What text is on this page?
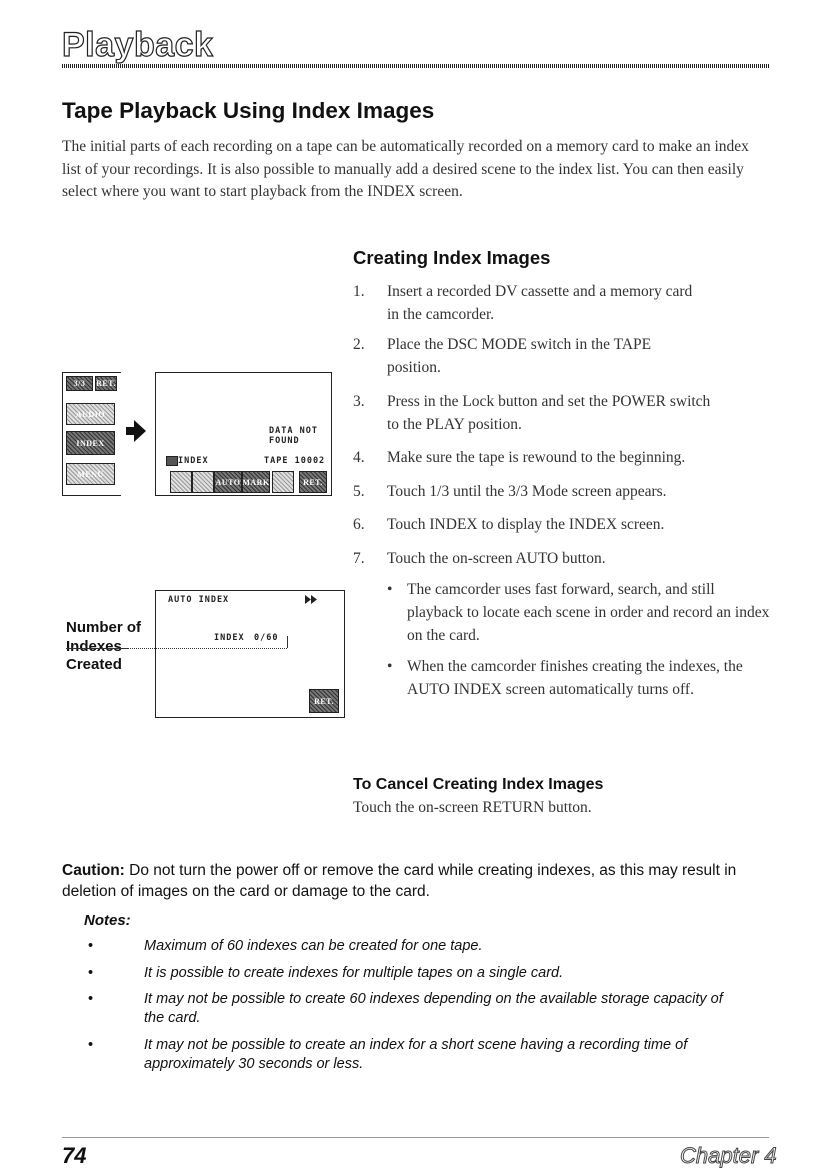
Playback
Tape Playback Using Index Images
The initial parts of each recording on a tape can be automatically recorded on a memory card to make an index list of your recordings. It is also possible to manually add a desired scene to the index list. You can then easily select where you want to start playback from the INDEX screen.
3/3	RET.
AUDIO
INDEX
MENU
DATA NOT
FOUND
INDEX	TAPE 10002
AUTO MARK	RET.
AUTO INDEX
INDEX 0/60
RET.
Number of Indexes Created
Creating Index Images
1.	Insert a recorded DV cassette and a memory card in the camcorder.
2.	Place the DSC MODE switch in the TAPE position.
3.	Press in the Lock button and set the POWER switch to the PLAY position.
4.	Make sure the tape is rewound to the beginning.
5.	Touch 1/3 until the 3/3 Mode screen appears.
6.	Touch INDEX to display the INDEX screen.
7.	Touch the on-screen AUTO button.
• The camcorder uses fast forward, search, and still playback to locate each scene in order and record an index on the card.
• When the camcorder finishes creating the indexes, the AUTO INDEX screen automatically turns off.
To Cancel Creating Index Images
Touch the on-screen RETURN button.
Caution: Do not turn the power off or remove the card while creating indexes, as this may result in deletion of images on the card or damage to the card.
Notes:
•	Maximum of 60 indexes can be created for one tape.
•	It is possible to create indexes for multiple tapes on a single card.
•	It may not be possible to create 60 indexes depending on the available storage capacity of the card.
•	It may not be possible to create an index for a short scene having a recording time of approximately 30 seconds or less.
74	Chapter 4
